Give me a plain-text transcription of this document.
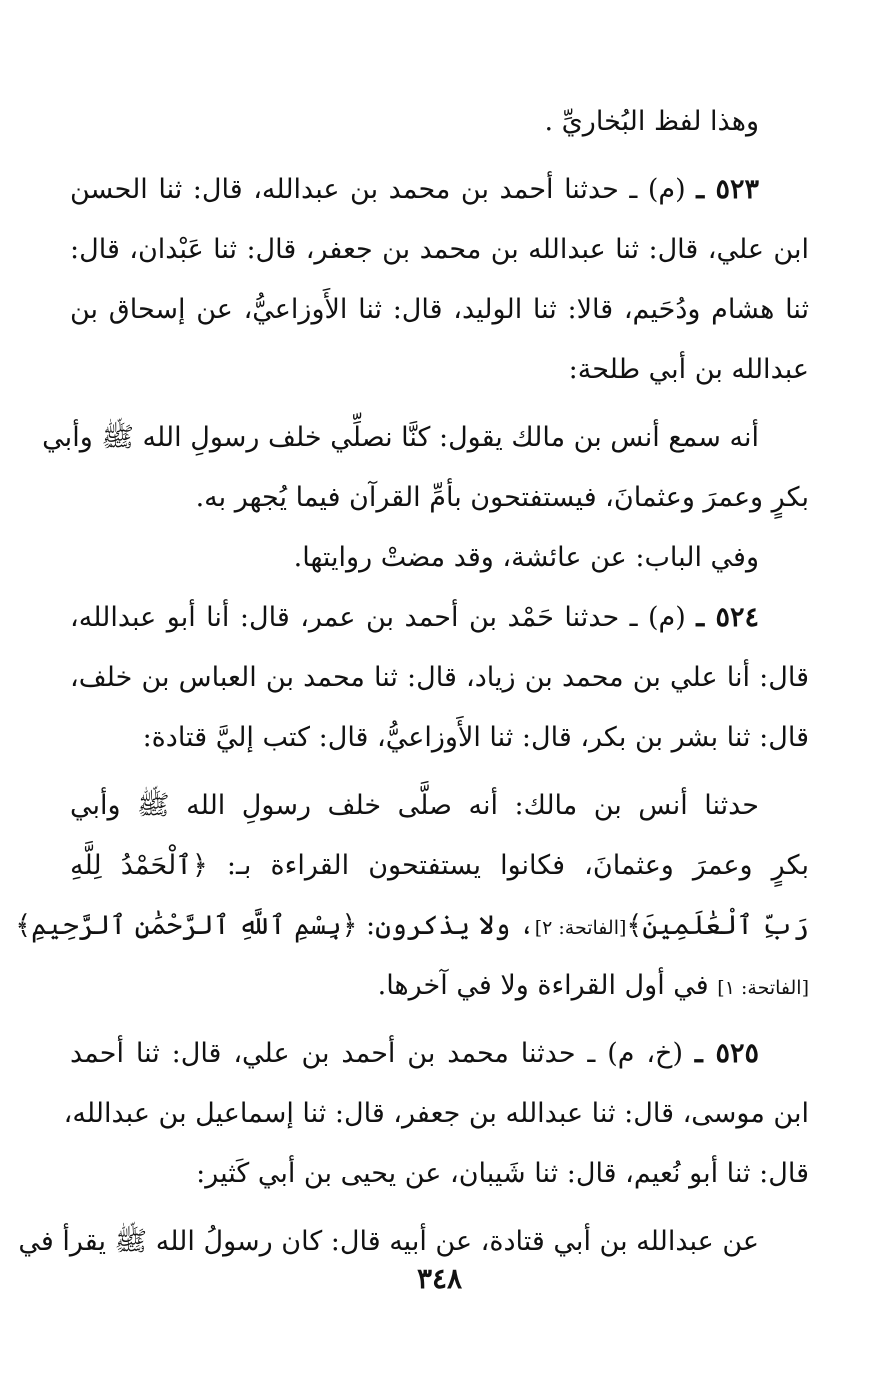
وهذا لفظ البُخاريِّ .
٥٢٣ ـ (م) ـ حدثنا أحمد بن محمد بن عبدالله، قال: ثنا الحسن
ابن علي، قال: ثنا عبدالله بن محمد بن جعفر، قال: ثنا عَبْدان، قال:
ثنا هشام ودُحَيم، قالا: ثنا الوليد، قال: ثنا الأَوزاعيُّ، عن إسحاق بن
عبدالله بن أبي طلحة:
أنه سمع أنس بن مالك يقول: كنَّا نصلِّي خلف رسولِ الله ﷺ وأبي
بكرٍ وعمرَ وعثمانَ، فيستفتحون بأمِّ القرآن فيما يُجهر به.
وفي الباب: عن عائشة، وقد مضتْ روايتها.
٥٢٤ ـ (م) ـ حدثنا حَمْد بن أحمد بن عمر، قال: أنا أبو عبدالله،
قال: أنا علي بن محمد بن زياد، قال: ثنا محمد بن العباس بن خلف،
قال: ثنا بشر بن بكر، قال: ثنا الأَوزاعيُّ، قال: كتب إليَّ قتادة:
حدثنا أنس بن مالك: أنه صلَّى خلف رسولِ الله ﷺ وأبي
بكرٍ وعمرَ وعثمانَ، فكانوا يستفتحون القراءة بـ: ﴿ٱلْحَمْدُ لِلَّهِ
رَبِّ ٱلْعَٰلَمِينَ﴾[الفاتحة: ٢]، ولا يذكرون: ﴿بِسْمِ ٱللَّهِ ٱلرَّحْمَٰنِ ٱلرَّحِيمِ﴾
[الفاتحة: ١] في أول القراءة ولا في آخرها.
٥٢٥ ـ (خ، م) ـ حدثنا محمد بن أحمد بن علي، قال: ثنا أحمد
ابن موسى، قال: ثنا عبدالله بن جعفر، قال: ثنا إسماعيل بن عبدالله،
قال: ثنا أبو نُعيم، قال: ثنا شَيبان، عن يحيى بن أبي كَثير:
عن عبدالله بن أبي قتادة، عن أبيه قال: كان رسولُ الله ﷺ يقرأ في
٣٤٨
